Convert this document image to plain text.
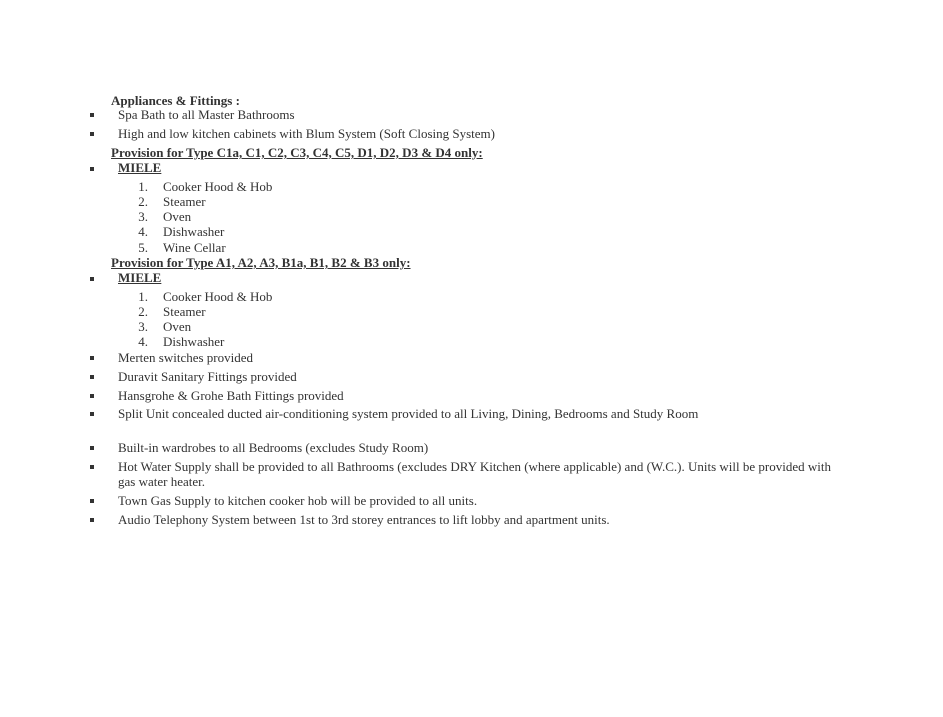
Appliances & Fittings :
Spa Bath to all Master Bathrooms
High and low kitchen cabinets with Blum System (Soft Closing System)
Provision for Type C1a, C1, C2, C3, C4, C5, D1, D2, D3 & D4 only:
MIELE
1. Cooker Hood & Hob
2. Steamer
3. Oven
4. Dishwasher
5. Wine Cellar
Provision for Type A1, A2, A3, B1a, B1, B2 & B3 only:
MIELE
1. Cooker Hood & Hob
2. Steamer
3. Oven
4. Dishwasher
Merten switches provided
Duravit Sanitary Fittings provided
Hansgrohe & Grohe Bath Fittings provided
Split Unit concealed ducted air-conditioning system provided to all Living, Dining, Bedrooms and Study Room
Built-in wardrobes to all Bedrooms (excludes Study Room)
Hot Water Supply shall be provided to all Bathrooms (excludes DRY Kitchen (where applicable) and (W.C.). Units will be provided with gas water heater.
Town Gas Supply to kitchen cooker hob will be provided to all units.
Audio Telephony System between 1st to 3rd storey entrances to lift lobby and apartment units.
